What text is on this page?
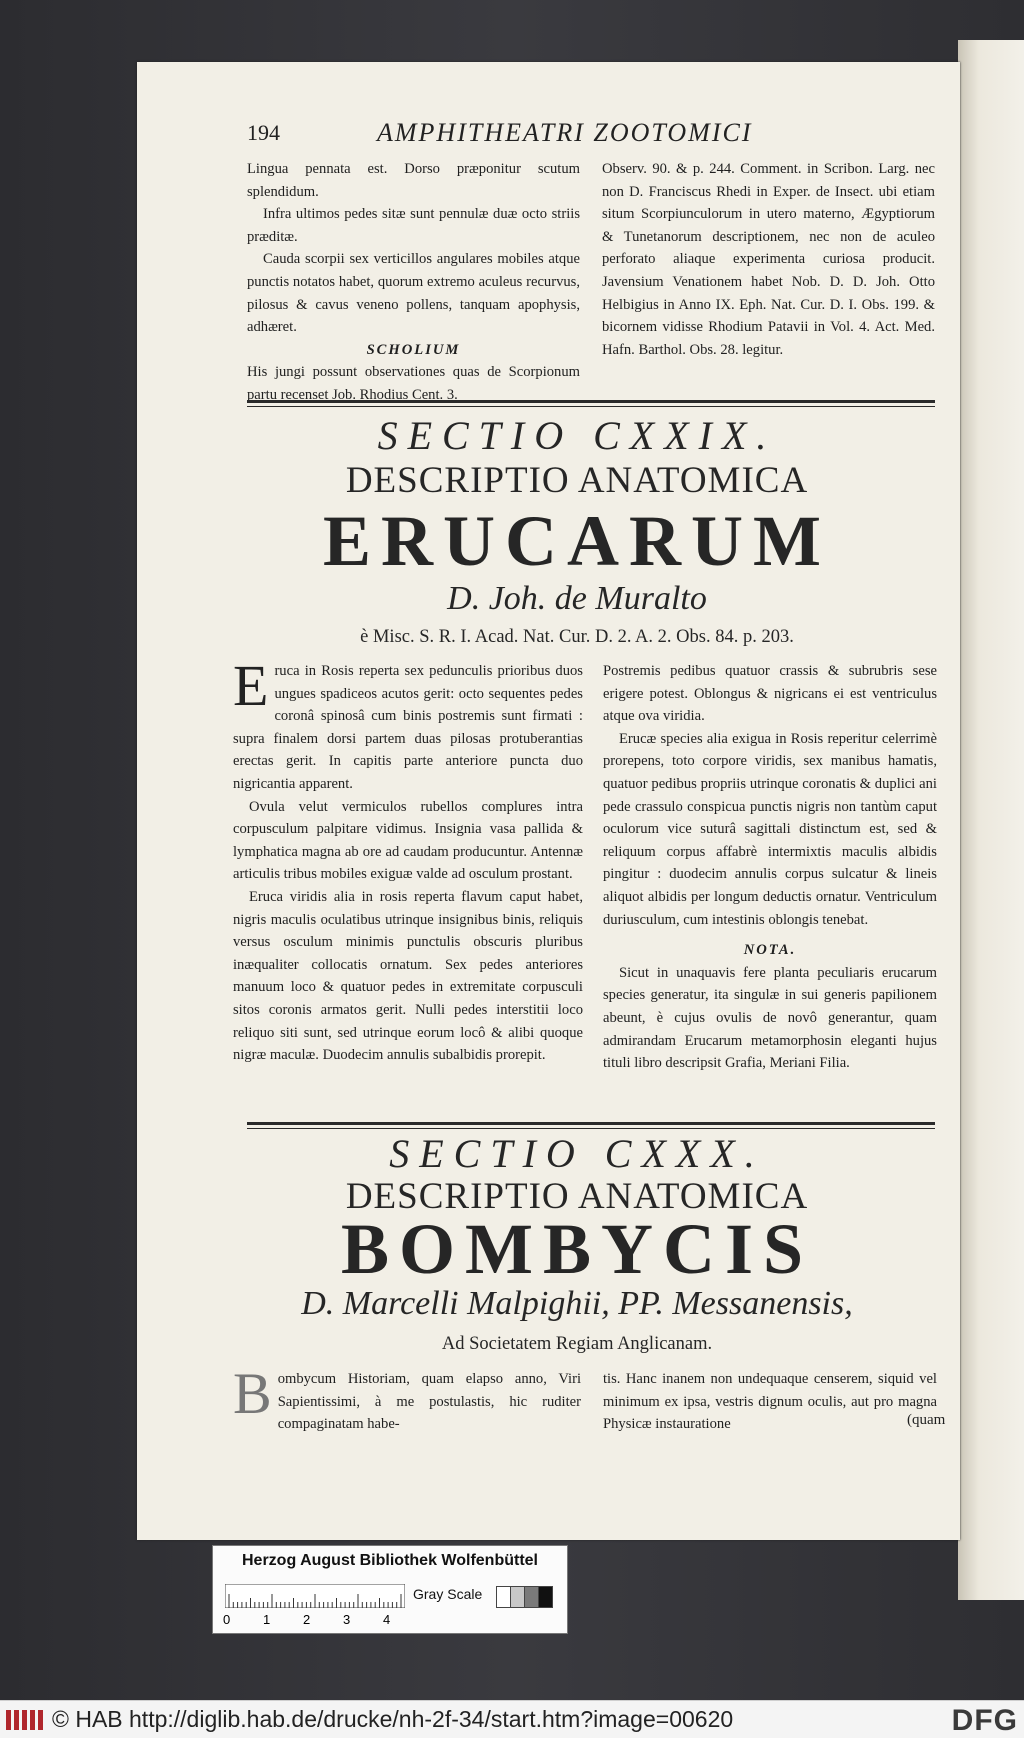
194	AMPHITHEATRI ZOOTOMICI

Lingua pennata est. Dorso præponitur scutum splendidum.

Infra ultimos pedes sitæ sunt pennulæ duæ octo striis præditæ.

Cauda scorpii sex verticillos angulares mobiles atque punctis notatos habet, quorum extremo aculeus recurvus, pilosus & cavus veneno pollens, tanquam apophysis, adhæret.

SCHOLIUM

His jungi possunt observationes quas de Scorpionum partu recenset Job. Rhodius Cent. 3.

Observ. 90. & p. 244. Comment. in Scribon. Larg. nec non D. Franciscus Rhedi in Exper. de Insect. ubi etiam situm Scorpiunculorum in utero materno, Ægyptiorum & Tunetanorum descriptionem, nec non de aculeo perforato aliaque experimenta curiosa producit. Javensium Venationem habet Nob. D. D. Joh. Otto Helbigius in Anno IX. Eph. Nat. Cur. D. I. Obs. 199. & bicornem vidisse Rhodium Patavii in Vol. 4. Act. Med. Hafn. Barthol. Obs. 28. legitur.

SECTIO CXXIX.
DESCRIPTIO ANATOMICA
ERUCARUM
D. Joh. de Muralto
è Misc. S. R. I. Acad. Nat. Cur. D. 2. A. 2. Obs. 84. p. 203.

Eruca in Rosis reperta sex pedunculis prioribus duos ungues spadiceos acutos gerit: octo sequentes pedes coronâ spinosâ cum binis postremis sunt firmati : supra finalem dorsi partem duas pilosas protuberantias erectas gerit. In capitis parte anteriore puncta duo nigricantia apparent.

Ovula velut vermiculos rubellos complures intra corpusculum palpitare vidimus. Insignia vasa pallida & lymphatica magna ab ore ad caudam producuntur. Antennæ articulis tribus mobiles exiguæ valde ad osculum prostant.

Eruca viridis alia in rosis reperta flavum caput habet, nigris maculis oculatibus utrinque insignibus binis, reliquis versus osculum minimis punctulis obscuris pluribus inæqualiter collocatis ornatum. Sex pedes anteriores manuum loco & quatuor pedes in extremitate corpusculi sitos coronis armatos gerit. Nulli pedes interstitii loco reliquo siti sunt, sed utrinque eorum locô & alibi quoque nigræ maculæ. Duodecim annulis subalbidis prorepit.

Postremis pedibus quatuor crassis & subrubris sese erigere potest. Oblongus & nigricans ei est ventriculus atque ova viridia.

Erucæ species alia exigua in Rosis reperitur celerrimè prorepens, toto corpore viridis, sex manibus hamatis, quatuor pedibus propriis utrinque coronatis & duplici ani pede crassulo conspicua punctis nigris non tantùm caput oculorum vice suturâ sagittali distinctum est, sed & reliquum corpus affabrè intermixtis maculis albidis pingitur : duodecim annulis corpus sulcatur & lineis aliquot albidis per longum deductis ornatur. Ventriculum duriusculum, cum intestinis oblongis tenebat.

NOTA.

Sicut in unaquavis fere planta peculiaris erucarum species generatur, ita singulæ in sui generis papilionem abeunt, è cujus ovulis de novô generantur, quam admirandam Erucarum metamorphosin eleganti hujus tituli libro descripsit Grafia, Meriani Filia.

SECTIO CXXX.
DESCRIPTIO ANATOMICA
BOMBYCIS
D. Marcelli Malpighii, PP. Messanensis,
Ad Societatem Regiam Anglicanam.

Bombycum Historiam, quam elapso anno, Viri Sapientissimi, à me postulastis, hic ruditer compaginatam habe-

tis. Hanc inanem non undequaque censerem, siquid vel minimum ex ipsa, vestris dignum oculis, aut pro magna Physicæ instauratione	(quam
Herzog August Bibliothek Wolfenbüttel
0	1	2	3	4
Gray Scale
© HAB http://diglib.hab.de/drucke/nh-2f-34/start.htm?image=00620	DFG
